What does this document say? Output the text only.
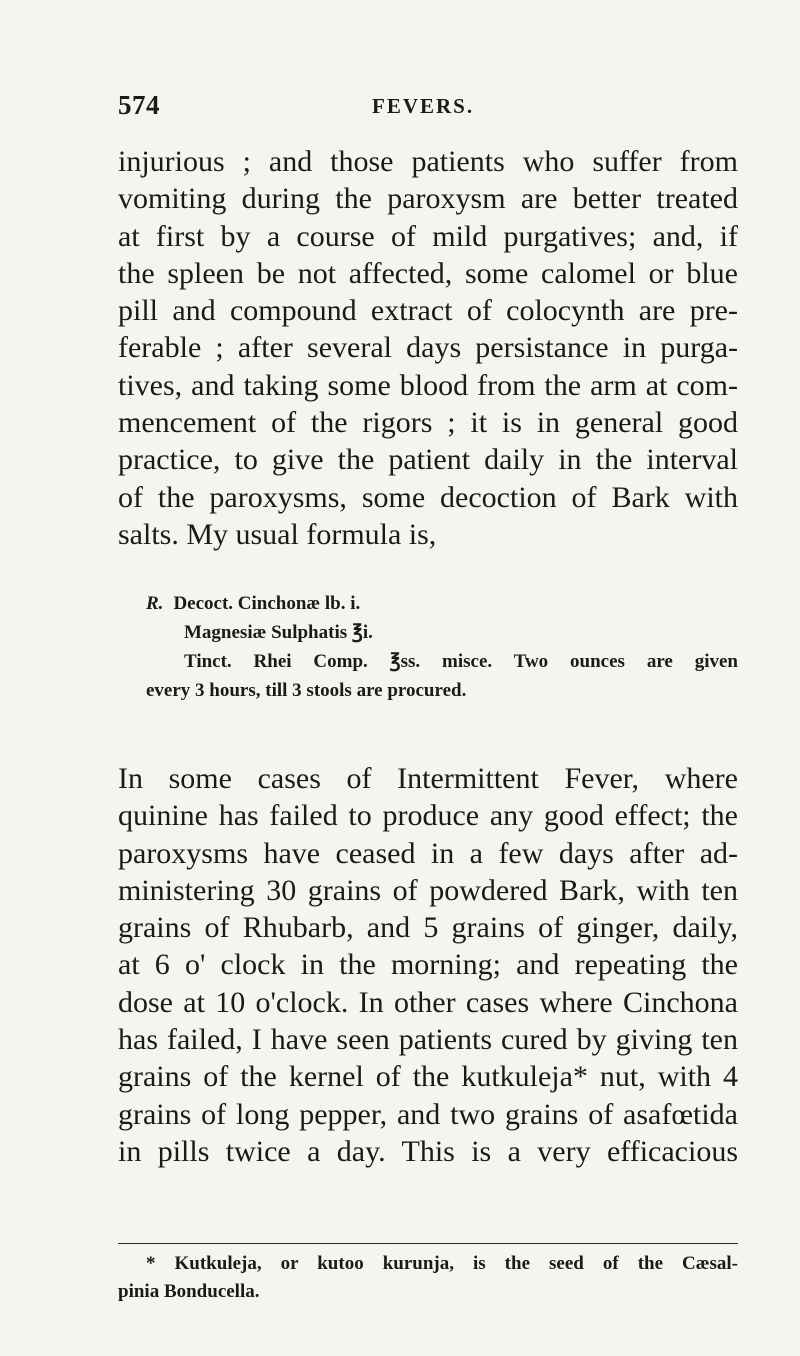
574	FEVERS.

injurious ; and those patients who suffer from
vomiting during the paroxysm are better treated
at first by a course of mild purgatives; and, if
the spleen be not affected, some calomel or blue
pill and compound extract of colocynth are pre-
ferable ; after several days persistance in purga-
tives, and taking some blood from the arm at com-
mencement of the rigors ; it is in general good
practice, to give the patient daily in the interval
of the paroxysms, some decoction of Bark with
salts. My usual formula is,

R. Decoct. Cinchonæ lb. i.
Magnesiæ Sulphatis ℥i.
Tinct. Rhei Comp. ℥ss. misce. Two ounces are given
every 3 hours, till 3 stools are procured.

In some cases of Intermittent Fever, where
quinine has failed to produce any good effect; the
paroxysms have ceased in a few days after ad-
ministering 30 grains of powdered Bark, with ten
grains of Rhubarb, and 5 grains of ginger, daily,
at 6 o' clock in the morning; and repeating the
dose at 10 o'clock. In other cases where Cinchona
has failed, I have seen patients cured by giving ten
grains of the kernel of the kutkuleja* nut, with 4
grains of long pepper, and two grains of asafœtida
in pills twice a day. This is a very efficacious

* Kutkuleja, or kutoo kurunja, is the seed of the Cæsal-
pinia Bonducella.
